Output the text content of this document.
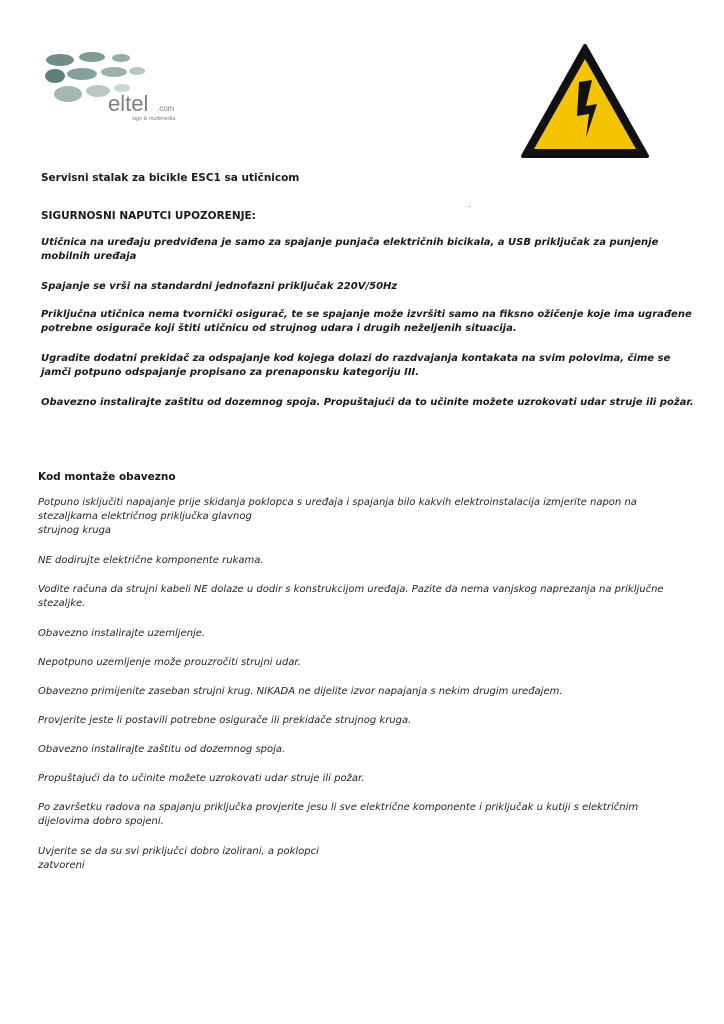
eltel .com
sign & multimedia

Servisni stalak za bicikle ESC1 sa utičnicom

.

SIGURNOSNI NAPUTCI UPOZORENJE:

Utičnica na uređaju predviđena je samo za spajanje punjača električnih bicikala, a USB priključak za punjenje

mobilnih uređaja

Spajanje se vrši na standardni jednofazni priključak 220V/50Hz

Priključna utičnica nema tvornički osigurač, te se spajanje može izvršiti samo na fiksno ožičenje koje ima ugrađene

potrebne osigurače koji štiti utičnicu od strujnog udara i drugih neželjenih situacija.

Ugradite dodatni prekidač za odspajanje kod kojega dolazi do razdvajanja kontakata na svim polovima, čime se

jamči potpuno odspajanje propisano za prenaponsku kategoriju III.

Obavezno instalirajte zaštitu od dozemnog spoja. Propuštajući da to učinite možete uzrokovati udar struje ili požar.

Kod montaže obavezno

Potpuno isključiti napajanje prije skidanja poklopca s uređaja i spajanja bilo kakvih elektroinstalacija izmjerite napon na

stezaljkama električnog priključka glavnog

strujnog kruga

NE dodirujte električne komponente rukama.

Vodite računa da strujni kabeli NE dolaze u dodir s konstrukcijom uređaja. Pazite da nema vanjskog naprezanja na priključne

stezaljke.

Obavezno instalirajte uzemljenje.

Nepotpuno uzemljenje može prouzročiti strujni udar.

Obavezno primijenite zaseban strujni krug. NIKADA ne dijelite izvor napajanja s nekim drugim uređajem.

Provjerite jeste li postavili potrebne osigurače ili prekidače strujnog kruga.

Obavezno instalirajte zaštitu od dozemnog spoja.

Propuštajući da to učinite možete uzrokovati udar struje ili požar.

Po završetku radova na spajanju priključka provjerite jesu li sve električne komponente i priključak u kutiji s električnim

dijelovima dobro spojeni.

Uvjerite se da su svi priključci dobro izolirani, a poklopci

zatvoreni
